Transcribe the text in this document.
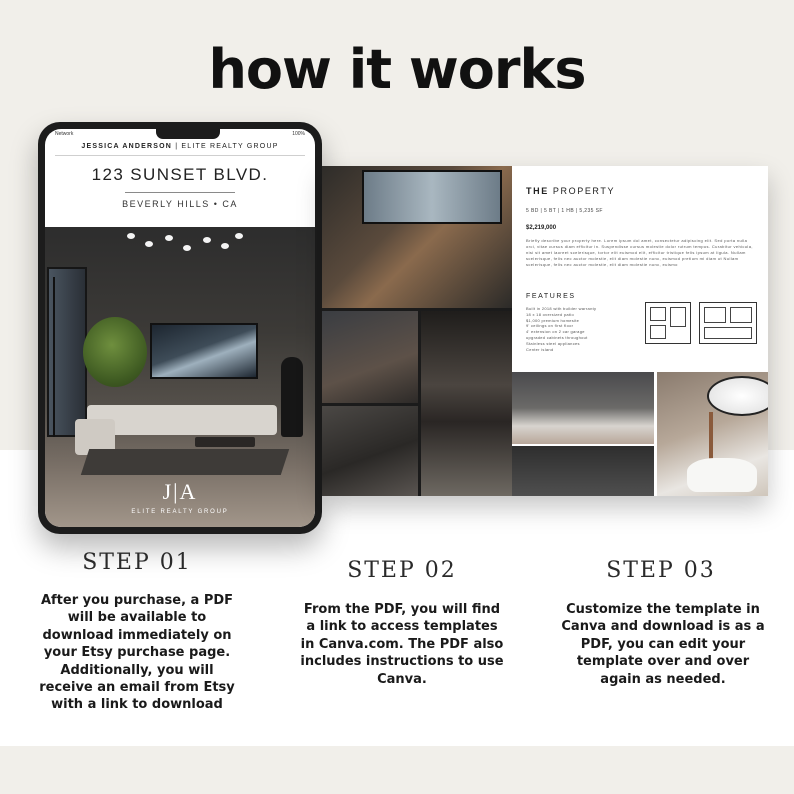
how it works
Network	100%
JESSICA ANDERSON | ELITE REALTY GROUP
123 SUNSET BLVD.
BEVERLY HILLS • CA
J|A
ELITE REALTY GROUP
THE PROPERTY
5 BD | 5 BT | 1 HB | 5,235 SF
$2,219,000
Briefly describe your property here. Lorem ipsum dol amet, consectetur adipiscing elit. Sed porta nulla orci, vitae cursus diam efficitur in. Suspendisse cursus molestie dolor rutrum tempus. Curabitur vehicula, nisi sit amet laoreet scelerisque, tortor elit euismod elit, efficitur tristique felis ipsum at ligula. Nullam scelerisque, felis nec auctor molestie, elit diam molestie nunc, euismod pretium mi diam ut Nullam scelerisque, felis nec auctor molestie, elit diam molestie nunc, euismo
FEATURES
Built in 2018 with builder warranty
18 x 18 oversized patio
$1,000 premium homesite
9' ceilings on first floor
4' extension on 2 car garage
upgraded cabinets throughout
Stainless steel appliances
Center island
STEP 01
After you purchase, a PDF will be available to download immediately on your Etsy purchase page. Additionally, you will receive an email from Etsy with a link to download
STEP 02
From the PDF, you will find a link to access templates in Canva.com. The PDF also includes instructions to use Canva.
STEP 03
Customize the template in Canva and download is as a PDF, you can edit your template over and over again as needed.
